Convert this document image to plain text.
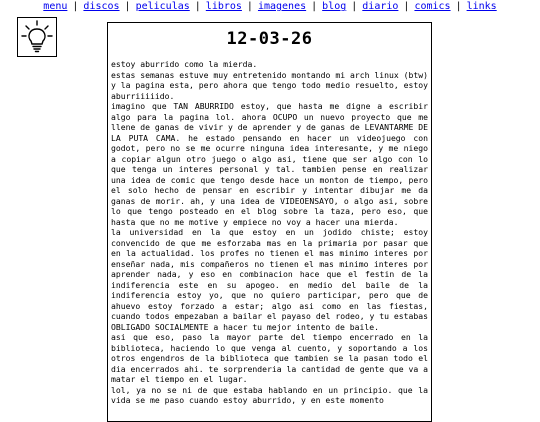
menu | discos | peliculas | libros | imagenes | blog | diario | comics | links
12-03-26

estoy aburrido como la mierda.

estas semanas estuve muy entretenido montando mi arch linux (btw) y la pagina esta, pero ahora que tengo todo medio resuelto, estoy aburriiiiido.

imagino que TAN ABURRIDO estoy, que hasta me digne a escribir algo para la pagina lol. ahora OCUPO un nuevo proyecto que me llene de ganas de vivir y de aprender y de ganas de LEVANTARME DE LA PUTA CAMA. he estado pensando en hacer un videojuego con godot, pero no se me ocurre ninguna idea interesante, y me niego a copiar algun otro juego o algo asi, tiene que ser algo con lo que tenga un interes personal y tal. tambien pense en realizar una idea de comic que tengo desde hace un monton de tiempo, pero el solo hecho de pensar en escribir y intentar dibujar me da ganas de morir. ah, y una idea de VIDEOENSAYO, o algo asi, sobre lo que tengo posteado en el blog sobre la taza, pero eso, que hasta que no me motive y empiece no voy a hacer una mierda.

la universidad en la que estoy en un jodido chiste; estoy convencido de que me esforzaba mas en la primaria por pasar que en la actualidad. los profes no tienen el mas minimo interes por enseñar nada, mis compañeros no tienen el mas minimo interes por aprender nada, y eso en combinacion hace que el festin de la indiferencia este en su apogeo. en medio del baile de la indiferencia estoy yo, que no quiero participar, pero que de ahuevo estoy forzado a estar; algo asi como en las fiestas, cuando todos empezaban a bailar el payaso del rodeo, y tu estabas OBLIGADO SOCIALMENTE a hacer tu mejor intento de baile.

asi que eso, paso la mayor parte del tiempo encerrado en la biblioteca, haciendo lo que venga al cuento, y soportando a los otros engendros de la biblioteca que tambien se la pasan todo el dia encerrados ahi. te sorprenderia la cantidad de gente que va a matar el tiempo en el lugar.

lol, ya no se ni de que estaba hablando en un principio. que la vida se me paso cuando estoy aburrido, y en este momento
